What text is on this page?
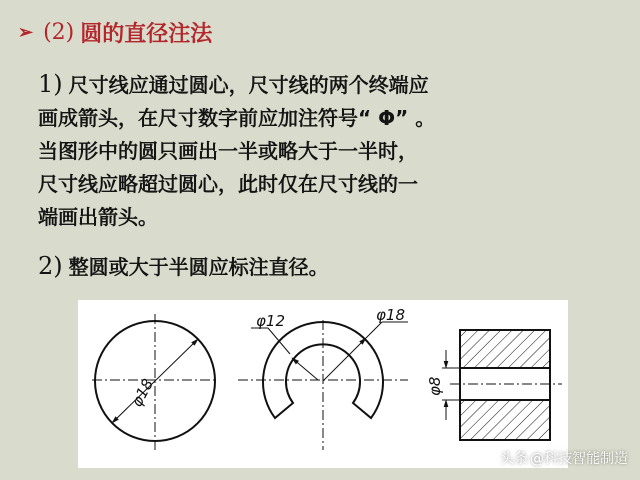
➢ (2) 圆的直径注法
1) 尺寸线应通过圆心，尺寸线的两个终端应
画成箭头，在尺寸数字前应加注符号“ Φ” 。
当图形中的圆只画出一半或略大于一半时，
尺寸线应略超过圆心，此时仅在尺寸线的一
端画出箭头。
2) 整圆或大于半圆应标注直径。
φ18
φ12	φ18
φ8
头条 @科技智能制造
